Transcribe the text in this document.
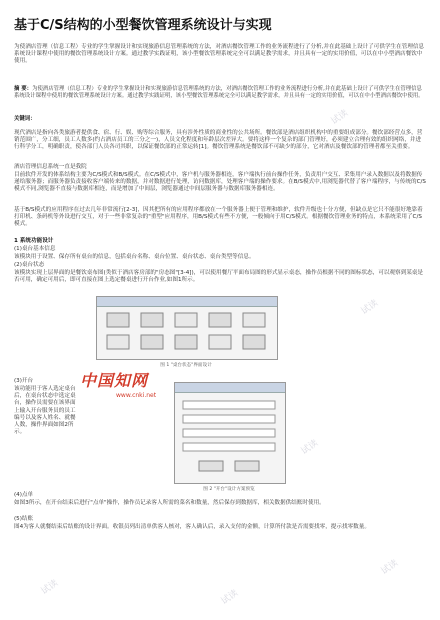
基于C/S结构的小型餐饮管理系统设计与实现

为使酒店管理（信息工程）专业的学生掌握设计和实现旅游信息管理系统的方法，对酒店餐饮管理工作的业务流程进行了分析,并在此基础上设计了可供学生在管理信息系统设计课程中使用的餐饮管理系统设计方案。通过教学实践证明，该小型餐饮管理系统完全可以满足教学需求，并且具有一定的实用价值，可以在中小型酒店餐饮中使用。

摘 要：为使酒店管理（信息工程）专业的学生掌握设计和实现旅游信息管理系统的方法，对酒店餐饮管理工作的业务流程进行分析,并在此基础上设计了可供学生在管理信息系统设计课程中使用的餐饮管理系统设计方案。通过教学实践证明，该小型餐饮管理系统完全可以满足教学需求，并且具有一定的实用价值，可以在中小型酒店餐饮中使用。

关键词：

现代酒店是指向各类旅游者提供食、宿、行、娱、购等综合服务，具有涉外性质的商业性的公共场所。餐饮部是酒店组织机构中的重要组成部分。餐饮部经营点多，营销范围广，分工细，员工人数多(约占酒店员工的三分之一)，人员文化程度和年龄层次差异大。要将这样一个复杂的部门管理好，必须建立合理有效的组织网络，并进行科学分工，明确职责，使各部门人员各司其职，以保证餐饮部的正常运转[1]。餐饮管理系统是餐饮部不可缺少的部分，它对酒店及餐饮部的管理者都至关重要。

酒店管理信息系统一直是我院

目前软件开发的体系结构主要为C/S模式和B/S模式。在C/S模式中，客户机与服务器相连，客户端执行前台操作任务，负责用户交互、采集用户录入数据以及将数据传递给服务器；而服务器负责接收客户端传来的数据，并对数据进行处理，访问数据库，处理客户端的操作要求。在B/S模式中,用浏览器代替了客户端程序，与传统的C/S模式不同,浏览器不直接与数据库相连，而是增加了中间层，浏览器通过中间层服务器与数据库服务器相连。

基于B/S模式的应用程序在过去几年非常流行[2-3]，因其把所有的应用程序都放在一个服务器上便于管理和维护，软件升级也十分方便，但缺点是它只不能很好地靠着打印机、条码机等外设进行交互，对于一些非常复杂的"重型"应用程序，用B/S模式有些不方便，一般倾向于用C/S模式。根据餐饮管理业务的特点，本系统采用了C/S模式。

1 系统功能设计

(1)桌台基本信息

该模块用于设置、保存所有桌台的信息，包括桌台名称、桌台位置、桌台状态、桌台类型等信息。

(2)桌台状态

该模块实现上层界面的是餐饮桌布图(类似于酒店客房部的"房态图"[3-4])，可以使用餐厅平面布局图的形式显示桌态，操作员根据不同的图标状态，可以观察到某桌是否可用，确定可用后，即可直接在图上选定餐桌进行开台作业,如图1所示。

图 1 "桌台状态"界面设计

(3)开台

该功能用于客人选定桌台后，在桌台状态中选定桌台，操作员需要在该界面上输入开台服务员的员工编号以及客人姓名、就餐人数，操作界面如图2所示。

图 2 "开台"设计方案预览
中国知网
www.cnki.net

(4)点单

如图3所示，在开台结束后进行"点单"操作，操作员记录客人所需的菜名和数量，然后保存到数据库，相关数据供结账时使用。

(5)结账

图4为客人就餐结束后结账的设计界面。收银员列出清单供客人核对，客人确认后，录入支付的金额，计算所付款是否需要找零，提示找零数量。

试读
试读
试读
试读
试读
试读
